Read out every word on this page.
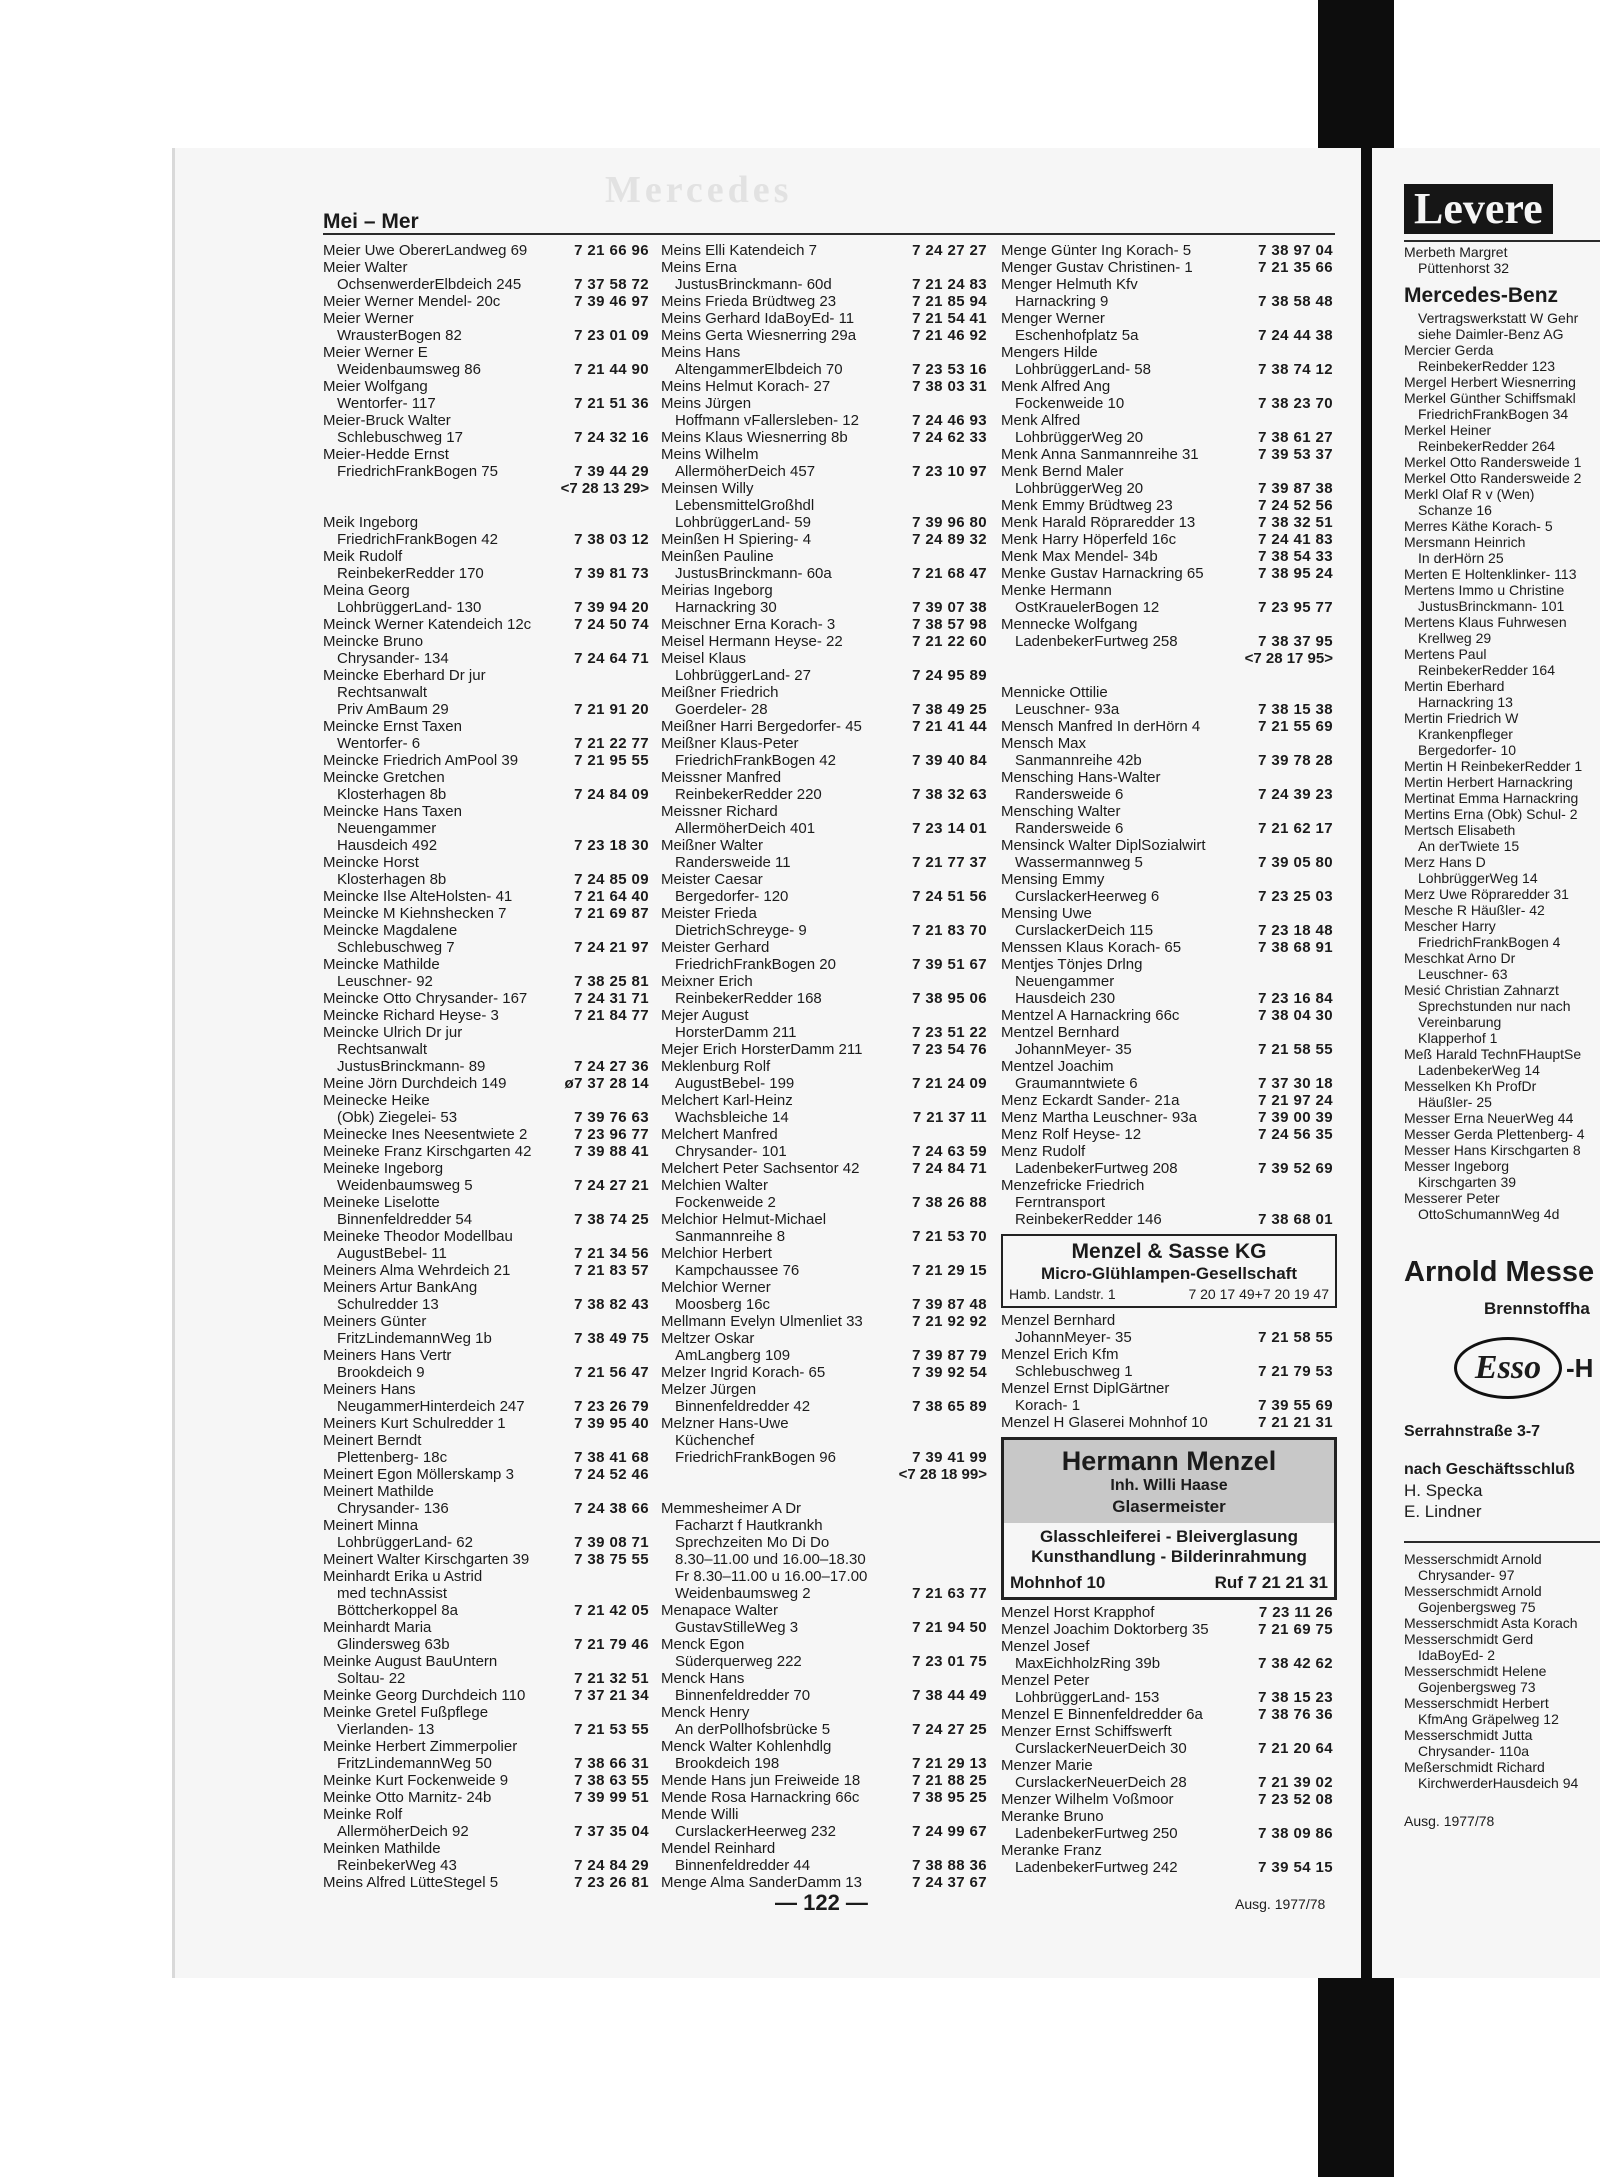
Mercedes
Mei – Mer
Meier Uwe ObererLandweg 69	7 21 66 96
Meier Walter
OchsenwerderElbdeich 245	7 37 58 72
Meier Werner Mendel- 20c	7 39 46 97
Meier Werner
WrausterBogen 82	7 23 01 09
Meier Werner E
Weidenbaumsweg 86	7 21 44 90
Meier Wolfgang
Wentorfer- 117	7 21 51 36
Meier-Bruck Walter
Schlebuschweg 17	7 24 32 16
Meier-Hedde Ernst
FriedrichFrankBogen 75	7 39 44 29
<7 28 13 29>
Meik Ingeborg
FriedrichFrankBogen 42	7 38 03 12
Meik Rudolf
ReinbekerRedder 170	7 39 81 73
Meina Georg
LohbrüggerLand- 130	7 39 94 20
Meinck Werner Katendeich 12c	7 24 50 74
Meincke Bruno
Chrysander- 134	7 24 64 71
Meincke Eberhard Dr jur
Rechtsanwalt
Priv AmBaum 29	7 21 91 20
Meincke Ernst Taxen
Wentorfer- 6	7 21 22 77
Meincke Friedrich AmPool 39	7 21 95 55
Meincke Gretchen
Klosterhagen 8b	7 24 84 09
Meincke Hans Taxen
Neuengammer
Hausdeich 492	7 23 18 30
Meincke Horst
Klosterhagen 8b	7 24 85 09
Meincke Ilse AlteHolsten- 41	7 21 64 40
Meincke M Kiehnshecken 7	7 21 69 87
Meincke Magdalene
Schlebuschweg 7	7 24 21 97
Meincke Mathilde
Leuschner- 92	7 38 25 81
Meincke Otto Chrysander- 167	7 24 31 71
Meincke Richard Heyse- 3	7 21 84 77
Meincke Ulrich Dr jur
Rechtsanwalt
JustusBrinckmann- 89	7 24 27 36
Meine Jörn Durchdeich 149	ø7 37 28 14
Meinecke Heike
(Obk) Ziegelei- 53	7 39 76 63
Meinecke Ines Neesentwiete 2	7 23 96 77
Meineke Franz Kirschgarten 42	7 39 88 41
Meineke Ingeborg
Weidenbaumsweg 5	7 24 27 21
Meineke Liselotte
Binnenfeldredder 54	7 38 74 25
Meineke Theodor Modellbau
AugustBebel- 11	7 21 34 56
Meiners Alma Wehrdeich 21	7 21 83 57
Meiners Artur BankAng
Schulredder 13	7 38 82 43
Meiners Günter
FritzLindemannWeg 1b	7 38 49 75
Meiners Hans Vertr
Brookdeich 9	7 21 56 47
Meiners Hans
NeugammerHinterdeich 247	7 23 26 79
Meiners Kurt Schulredder 1	7 39 95 40
Meinert Berndt
Plettenberg- 18c	7 38 41 68
Meinert Egon Möllerskamp 3	7 24 52 46
Meinert Mathilde
Chrysander- 136	7 24 38 66
Meinert Minna
LohbrüggerLand- 62	7 39 08 71
Meinert Walter Kirschgarten 39	7 38 75 55
Meinhardt Erika u Astrid
med technAssist
Böttcherkoppel 8a	7 21 42 05
Meinhardt Maria
Glindersweg 63b	7 21 79 46
Meinke August BauUntern
Soltau- 22	7 21 32 51
Meinke Georg Durchdeich 110	7 37 21 34
Meinke Gretel Fußpflege
Vierlanden- 13	7 21 53 55
Meinke Herbert Zimmerpolier
FritzLindemannWeg 50	7 38 66 31
Meinke Kurt Fockenweide 9	7 38 63 55
Meinke Otto Marnitz- 24b	7 39 99 51
Meinke Rolf
AllermöherDeich 92	7 37 35 04
Meinken Mathilde
ReinbekerWeg 43	7 24 84 29
Meins Alfred LütteStegel 5	7 23 26 81
Meins Elli Katendeich 7	7 24 27 27
Meins Erna
JustusBrinckmann- 60d	7 21 24 83
Meins Frieda Brüdtweg 23	7 21 85 94
Meins Gerhard IdaBoyEd- 11	7 21 54 41
Meins Gerta Wiesnerring 29a	7 21 46 92
Meins Hans
AltengammerElbdeich 70	7 23 53 16
Meins Helmut Korach- 27	7 38 03 31
Meins Jürgen
Hoffmann vFallersleben- 12	7 24 46 93
Meins Klaus Wiesnerring 8b	7 24 62 33
Meins Wilhelm
AllermöherDeich 457	7 23 10 97
Meinsen Willy
LebensmittelGroßhdl
LohbrüggerLand- 59	7 39 96 80
Meinßen H Spiering- 4	7 24 89 32
Meinßen Pauline
JustusBrinckmann- 60a	7 21 68 47
Meirias Ingeborg
Harnackring 30	7 39 07 38
Meischner Erna Korach- 3	7 38 57 98
Meisel Hermann Heyse- 22	7 21 22 60
Meisel Klaus
LohbrüggerLand- 27	7 24 95 89
Meißner Friedrich
Goerdeler- 28	7 38 49 25
Meißner Harri Bergedorfer- 45	7 21 41 44
Meißner Klaus-Peter
FriedrichFrankBogen 42	7 39 40 84
Meissner Manfred
ReinbekerRedder 220	7 38 32 63
Meissner Richard
AllermöherDeich 401	7 23 14 01
Meißner Walter
Randersweide 11	7 21 77 37
Meister Caesar
Bergedorfer- 120	7 24 51 56
Meister Frieda
DietrichSchreyge- 9	7 21 83 70
Meister Gerhard
FriedrichFrankBogen 20	7 39 51 67
Meixner Erich
ReinbekerRedder 168	7 38 95 06
Mejer August
HorsterDamm 211	7 23 51 22
Mejer Erich HorsterDamm 211	7 23 54 76
Meklenburg Rolf
AugustBebel- 199	7 21 24 09
Melchert Karl-Heinz
Wachsbleiche 14	7 21 37 11
Melchert Manfred
Chrysander- 101	7 24 63 59
Melchert Peter Sachsentor 42	7 24 84 71
Melchien Walter
Fockenweide 2	7 38 26 88
Melchior Helmut-Michael
Sanmannreihe 8	7 21 53 70
Melchior Herbert
Kampchaussee 76	7 21 29 15
Melchior Werner
Moosberg 16c	7 39 87 48
Mellmann Evelyn Ulmenliet 33	7 21 92 92
Meltzer Oskar
AmLangberg 109	7 39 87 79
Melzer Ingrid Korach- 65	7 39 92 54
Melzer Jürgen
Binnenfeldredder 42	7 38 65 89
Melzner Hans-Uwe
Küchenchef
FriedrichFrankBogen 96	7 39 41 99
<7 28 18 99>
Memmesheimer A Dr
Facharzt f Hautkrankh
Sprechzeiten Mo Di Do
8.30–11.00 und 16.00–18.30
Fr 8.30–11.00 u 16.00–17.00
Weidenbaumsweg 2	7 21 63 77
Menapace Walter
GustavStilleWeg 3	7 21 94 50
Menck Egon
Süderquerweg 222	7 23 01 75
Menck Hans
Binnenfeldredder 70	7 38 44 49
Menck Henry
An derPollhofsbrücke 5	7 24 27 25
Menck Walter Kohlenhdlg
Brookdeich 198	7 21 29 13
Mende Hans jun Freiweide 18	7 21 88 25
Mende Rosa Harnackring 66c	7 38 95 25
Mende Willi
CurslackerHeerweg 232	7 24 99 67
Mendel Reinhard
Binnenfeldredder 44	7 38 88 36
Menge Alma SanderDamm 13	7 24 37 67
Menge Günter Ing Korach- 5	7 38 97 04
Menger Gustav Christinen- 1	7 21 35 66
Menger Helmuth Kfv
Harnackring 9	7 38 58 48
Menger Werner
Eschenhofplatz 5a	7 24 44 38
Mengers Hilde
LohbrüggerLand- 58	7 38 74 12
Menk Alfred Ang
Fockenweide 10	7 38 23 70
Menk Alfred
LohbrüggerWeg 20	7 38 61 27
Menk Anna Sanmannreihe 31	7 39 53 37
Menk Bernd Maler
LohbrüggerWeg 20	7 39 87 38
Menk Emmy Brüdtweg 23	7 24 52 56
Menk Harald Röpraredder 13	7 38 32 51
Menk Harry Höperfeld 16c	7 24 41 83
Menk Max Mendel- 34b	7 38 54 33
Menke Gustav Harnackring 65	7 38 95 24
Menke Hermann
OstKrauelerBogen 12	7 23 95 77
Mennecke Wolfgang
LadenbekerFurtweg 258	7 38 37 95
<7 28 17 95>
Mennicke Ottilie
Leuschner- 93a	7 38 15 38
Mensch Manfred In derHörn 4	7 21 55 69
Mensch Max
Sanmannreihe 42b	7 39 78 28
Mensching Hans-Walter
Randersweide 6	7 24 39 23
Mensching Walter
Randersweide 6	7 21 62 17
Mensinck Walter DiplSozialwirt
Wassermannweg 5	7 39 05 80
Mensing Emmy
CurslackerHeerweg 6	7 23 25 03
Mensing Uwe
CurslackerDeich 115	7 23 18 48
Menssen Klaus Korach- 65	7 38 68 91
Mentjes Tönjes Drlng
Neuengammer
Hausdeich 230	7 23 16 84
Mentzel A Harnackring 66c	7 38 04 30
Mentzel Bernhard
JohannMeyer- 35	7 21 58 55
Mentzel Joachim
Graumanntwiete 6	7 37 30 18
Menz Eckardt Sander- 21a	7 21 97 24
Menz Martha Leuschner- 93a	7 39 00 39
Menz Rolf Heyse- 12	7 24 56 35
Menz Rudolf
LadenbekerFurtweg 208	7 39 52 69
Menzefricke Friedrich
Ferntransport
ReinbekerRedder 146	7 38 68 01
Menzel & Sasse KG
Micro-Glühlampen-Gesellschaft
Hamb. Landstr. 1	7 20 17 49+7 20 19 47
Menzel Bernhard
JohannMeyer- 35	7 21 58 55
Menzel Erich Kfm
Schlebuschweg 1	7 21 79 53
Menzel Ernst DiplGärtner
Korach- 1	7 39 55 69
Menzel H Glaserei Mohnhof 10	7 21 21 31
Hermann Menzel
Inh. Willi Haase
Glasermeister
Glasschleiferei - Bleiverglasung
Kunsthandlung - Bilderinrahmung
Mohnhof 10	Ruf 7 21 21 31
Menzel Horst Krapphof	7 23 11 26
Menzel Joachim Doktorberg 35	7 21 69 75
Menzel Josef
MaxEichholzRing 39b	7 38 42 62
Menzel Peter
LohbrüggerLand- 153	7 38 15 23
Menzel E Binnenfeldredder 6a	7 38 76 36
Menzer Ernst Schiffswerft
CurslackerNeuerDeich 30	7 21 20 64
Menzer Marie
CurslackerNeuerDeich 28	7 21 39 02
Menzer Wilhelm Voßmoor	7 23 52 08
Meranke Bruno
LadenbekerFurtweg 250	7 38 09 86
Meranke Franz
LadenbekerFurtweg 242	7 39 54 15
— 122 —	Ausg. 1977/78
Levere
Merbeth Margret
Püttenhorst 32
Mercedes-Benz
Vertragswerkstatt W Gehr
siehe Daimler-Benz AG
Mercier Gerda
ReinbekerRedder 123
Mergel Herbert Wiesnerring
Merkel Günther Schiffsmakl
FriedrichFrankBogen 34
Merkel Heiner
ReinbekerRedder 264
Merkel Otto Randersweide 1
Merkel Otto Randersweide 2
Merkl Olaf R v (Wen)
Schanze 16
Merres Käthe Korach- 5
Mersmann Heinrich
In derHörn 25
Merten E Holtenklinker- 113
Mertens Immo u Christine
JustusBrinckmann- 101
Mertens Klaus Fuhrwesen
Krellweg 29
Mertens Paul
ReinbekerRedder 164
Mertin Eberhard
Harnackring 13
Mertin Friedrich W
Krankenpfleger
Bergedorfer- 10
Mertin H ReinbekerRedder 1
Mertin Herbert Harnackring
Mertinat Emma Harnackring
Mertins Erna (Obk) Schul- 2
Mertsch Elisabeth
An derTwiete 15
Merz Hans D
LohbrüggerWeg 14
Merz Uwe Röpraredder 31
Mesche R Häußler- 42
Mescher Harry
FriedrichFrankBogen 4
Meschkat Arno Dr
Leuschner- 63
Mesić Christian Zahnarzt
Sprechstunden nur nach
Vereinbarung
Klapperhof 1
Meß Harald TechnFHauptSe
LadenbekerWeg 14
Messelken Kh ProfDr
Häußler- 25
Messer Erna NeuerWeg 44
Messer Gerda Plettenberg- 4
Messer Hans Kirschgarten 8
Messer Ingeborg
Kirschgarten 39
Messerer Peter
OttoSchumannWeg 4d
Arnold Messe
Brennstoffha
Esso -H
Serrahnstraße 3-7
nach Geschäftsschluß
H. Specka
E. Lindner
Messerschmidt Arnold
Chrysander- 97
Messerschmidt Arnold
Gojenbergsweg 75
Messerschmidt Asta Korach
Messerschmidt Gerd
IdaBoyEd- 2
Messerschmidt Helene
Gojenbergsweg 73
Messerschmidt Herbert
KfmAng Gräpelweg 12
Messerschmidt Jutta
Chrysander- 110a
Meßerschmidt Richard
KirchwerderHausdeich 94
Ausg. 1977/78
